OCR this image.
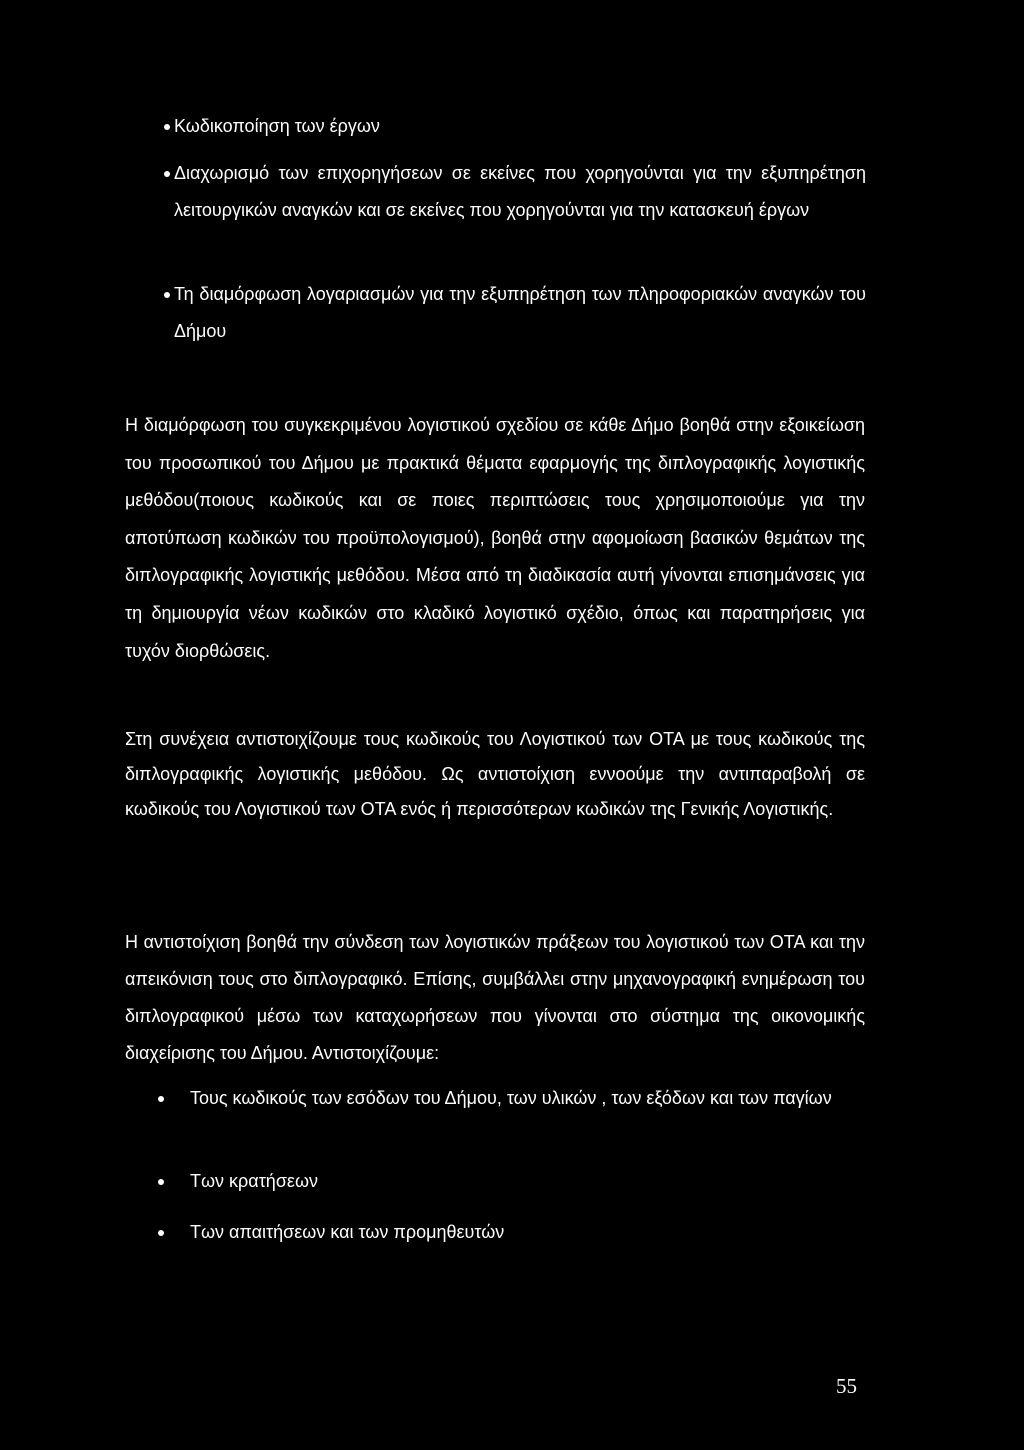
Κωδικοποίηση των έργων
Διαχωρισμό των επιχορηγήσεων σε εκείνες που χορηγούνται για την εξυπηρέτηση λειτουργικών αναγκών και σε εκείνες που χορηγούνται για την κατασκευή έργων
Τη διαμόρφωση λογαριασμών για την εξυπηρέτηση των πληροφοριακών αναγκών του Δήμου

Η διαμόρφωση του συγκεκριμένου λογιστικού σχεδίου σε κάθε Δήμο βοηθά στην εξοικείωση του προσωπικού του Δήμου με πρακτικά θέματα εφαρμογής της διπλογραφικής λογιστικής μεθόδου(ποιους κωδικούς και σε ποιες περιπτώσεις τους χρησιμοποιούμε για την αποτύπωση κωδικών του προϋπολογισμού), βοηθά στην αφομοίωση βασικών θεμάτων της διπλογραφικής λογιστικής μεθόδου. Μέσα από τη διαδικασία αυτή γίνονται επισημάνσεις για τη δημιουργία νέων κωδικών στο κλαδικό λογιστικό σχέδιο, όπως και παρατηρήσεις για τυχόν διορθώσεις.

Στη συνέχεια αντιστοιχίζουμε τους κωδικούς του Λογιστικού των ΟΤΑ με τους κωδικούς της διπλογραφικής λογιστικής μεθόδου. Ως αντιστοίχιση εννοούμε την αντιπαραβολή σε κωδικούς του Λογιστικού των ΟΤΑ ενός ή περισσότερων κωδικών της Γενικής Λογιστικής.

Η αντιστοίχιση βοηθά την σύνδεση των λογιστικών πράξεων του λογιστικού των ΟΤΑ και την απεικόνιση τους στο διπλογραφικό. Επίσης, συμβάλλει στην μηχανογραφική ενημέρωση του διπλογραφικού μέσω των καταχωρήσεων που γίνονται στο σύστημα της οικονομικής διαχείρισης του Δήμου. Αντιστοιχίζουμε:

Τους κωδικούς των εσόδων του Δήμου, των υλικών , των εξόδων και των παγίων
Των κρατήσεων
Των απαιτήσεων και των προμηθευτών
55
